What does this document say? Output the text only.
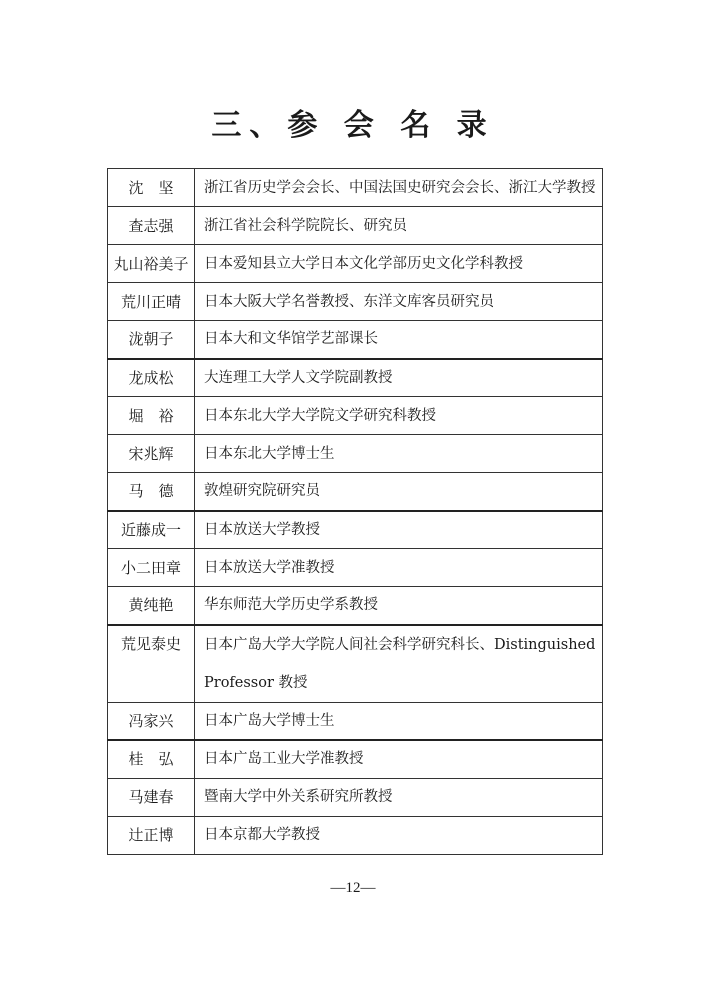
三、参 会 名 录
沈　坚	浙江省历史学会会长、中国法国史研究会会长、浙江大学教授
查志强	浙江省社会科学院院长、研究员
丸山裕美子	日本爱知县立大学日本文化学部历史文化学科教授
荒川正晴	日本大阪大学名誉教授、东洋文库客员研究员
泷朝子	日本大和文华馆学艺部课长
龙成松	大连理工大学人文学院副教授
堀　裕	日本东北大学大学院文学研究科教授
宋兆辉	日本东北大学博士生
马　德	敦煌研究院研究员
近藤成一	日本放送大学教授
小二田章	日本放送大学准教授
黄纯艳	华东师范大学历史学系教授
荒见泰史	日本广岛大学大学院人间社会科学研究科长、Distinguished Professor 教授
冯家兴	日本广岛大学博士生
桂　弘	日本广岛工业大学准教授
马建春	暨南大学中外关系研究所教授
辻正博	日本京都大学教授
—12—
